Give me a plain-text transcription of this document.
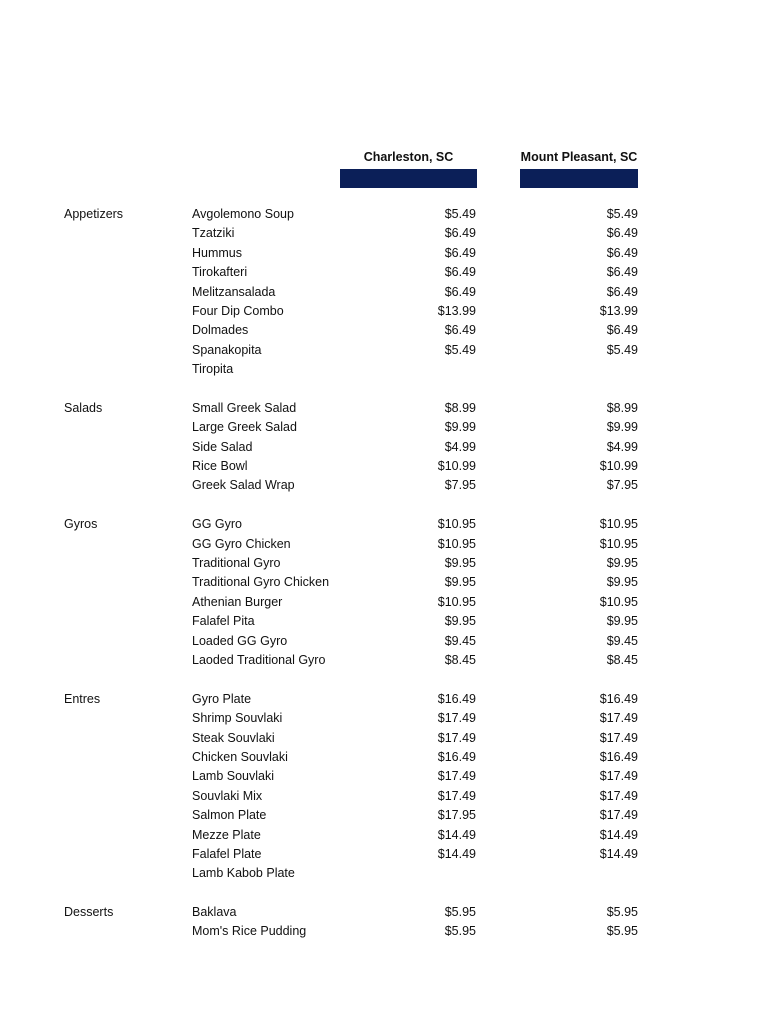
Charleston, SC	Mount Pleasant, SC
Appetizers	Avgolemono Soup	$5.49	$5.49
Tzatziki	$6.49	$6.49
Hummus	$6.49	$6.49
Tirokafteri	$6.49	$6.49
Melitzansalada	$6.49	$6.49
Four Dip Combo	$13.99	$13.99
Dolmades	$6.49	$6.49
Spanakopita	$5.49	$5.49
Tiropita
Salads	Small Greek Salad	$8.99	$8.99
Large Greek Salad	$9.99	$9.99
Side Salad	$4.99	$4.99
Rice Bowl	$10.99	$10.99
Greek Salad Wrap	$7.95	$7.95
Gyros	GG Gyro	$10.95	$10.95
GG Gyro Chicken	$10.95	$10.95
Traditional Gyro	$9.95	$9.95
Traditional Gyro Chicken	$9.95	$9.95
Athenian Burger	$10.95	$10.95
Falafel Pita	$9.95	$9.95
Loaded GG Gyro	$9.45	$9.45
Laoded Traditional Gyro	$8.45	$8.45
Entres	Gyro Plate	$16.49	$16.49
Shrimp Souvlaki	$17.49	$17.49
Steak Souvlaki	$17.49	$17.49
Chicken Souvlaki	$16.49	$16.49
Lamb Souvlaki	$17.49	$17.49
Souvlaki Mix	$17.49	$17.49
Salmon Plate	$17.95	$17.49
Mezze Plate	$14.49	$14.49
Falafel Plate	$14.49	$14.49
Lamb Kabob Plate
Desserts	Baklava	$5.95	$5.95
Mom's Rice Pudding	$5.95	$5.95
